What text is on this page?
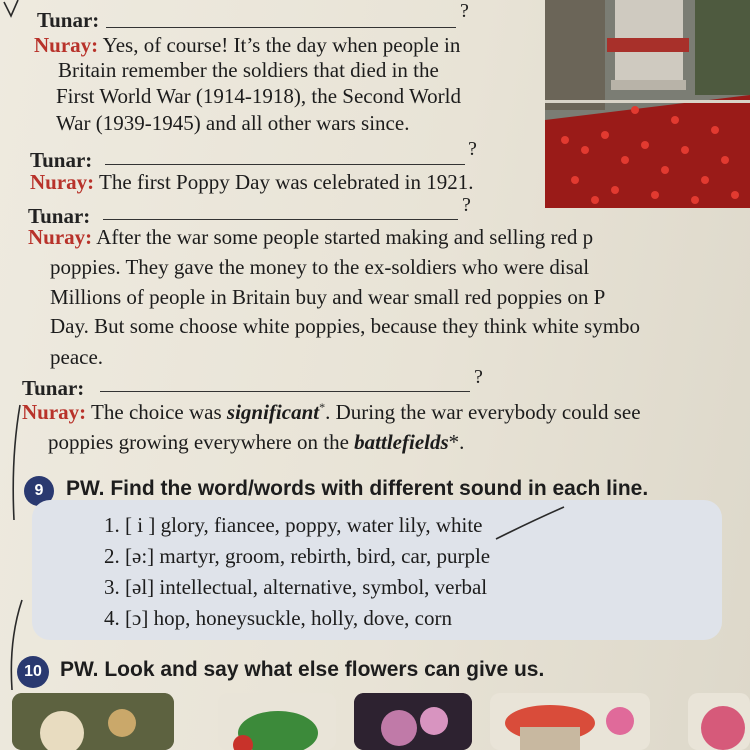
Tunar:	?
Nuray: Yes, of course! It’s the day when people in
Britain remember the soldiers that died in the
First World War (1914-1918), the Second World
War (1939-1945) and all other wars since.
Tunar:	?
Nuray: The first Poppy Day was celebrated in 1921.
Tunar:	?
Nuray: After the war some people started making and selling red p
poppies. They gave the money to the ex-soldiers who were disal
Millions of people in Britain buy and wear small red poppies on P
Day. But some choose white poppies, because they think white symbo
peace.
Tunar:	?
Nuray: The choice was significant*. During the war everybody could see
poppies growing everywhere on the battlefields*.
9	PW. Find the word/words with different sound in each line.
1. [ i ] glory, fiancee, poppy, water lily, white
2. [ə:] martyr, groom, rebirth, bird, car, purple
3. [əl] intellectual, alternative, symbol, verbal
4. [ɔ] hop, honeysuckle, holly, dove, corn
10 PW. Look and say what else flowers can give us.
